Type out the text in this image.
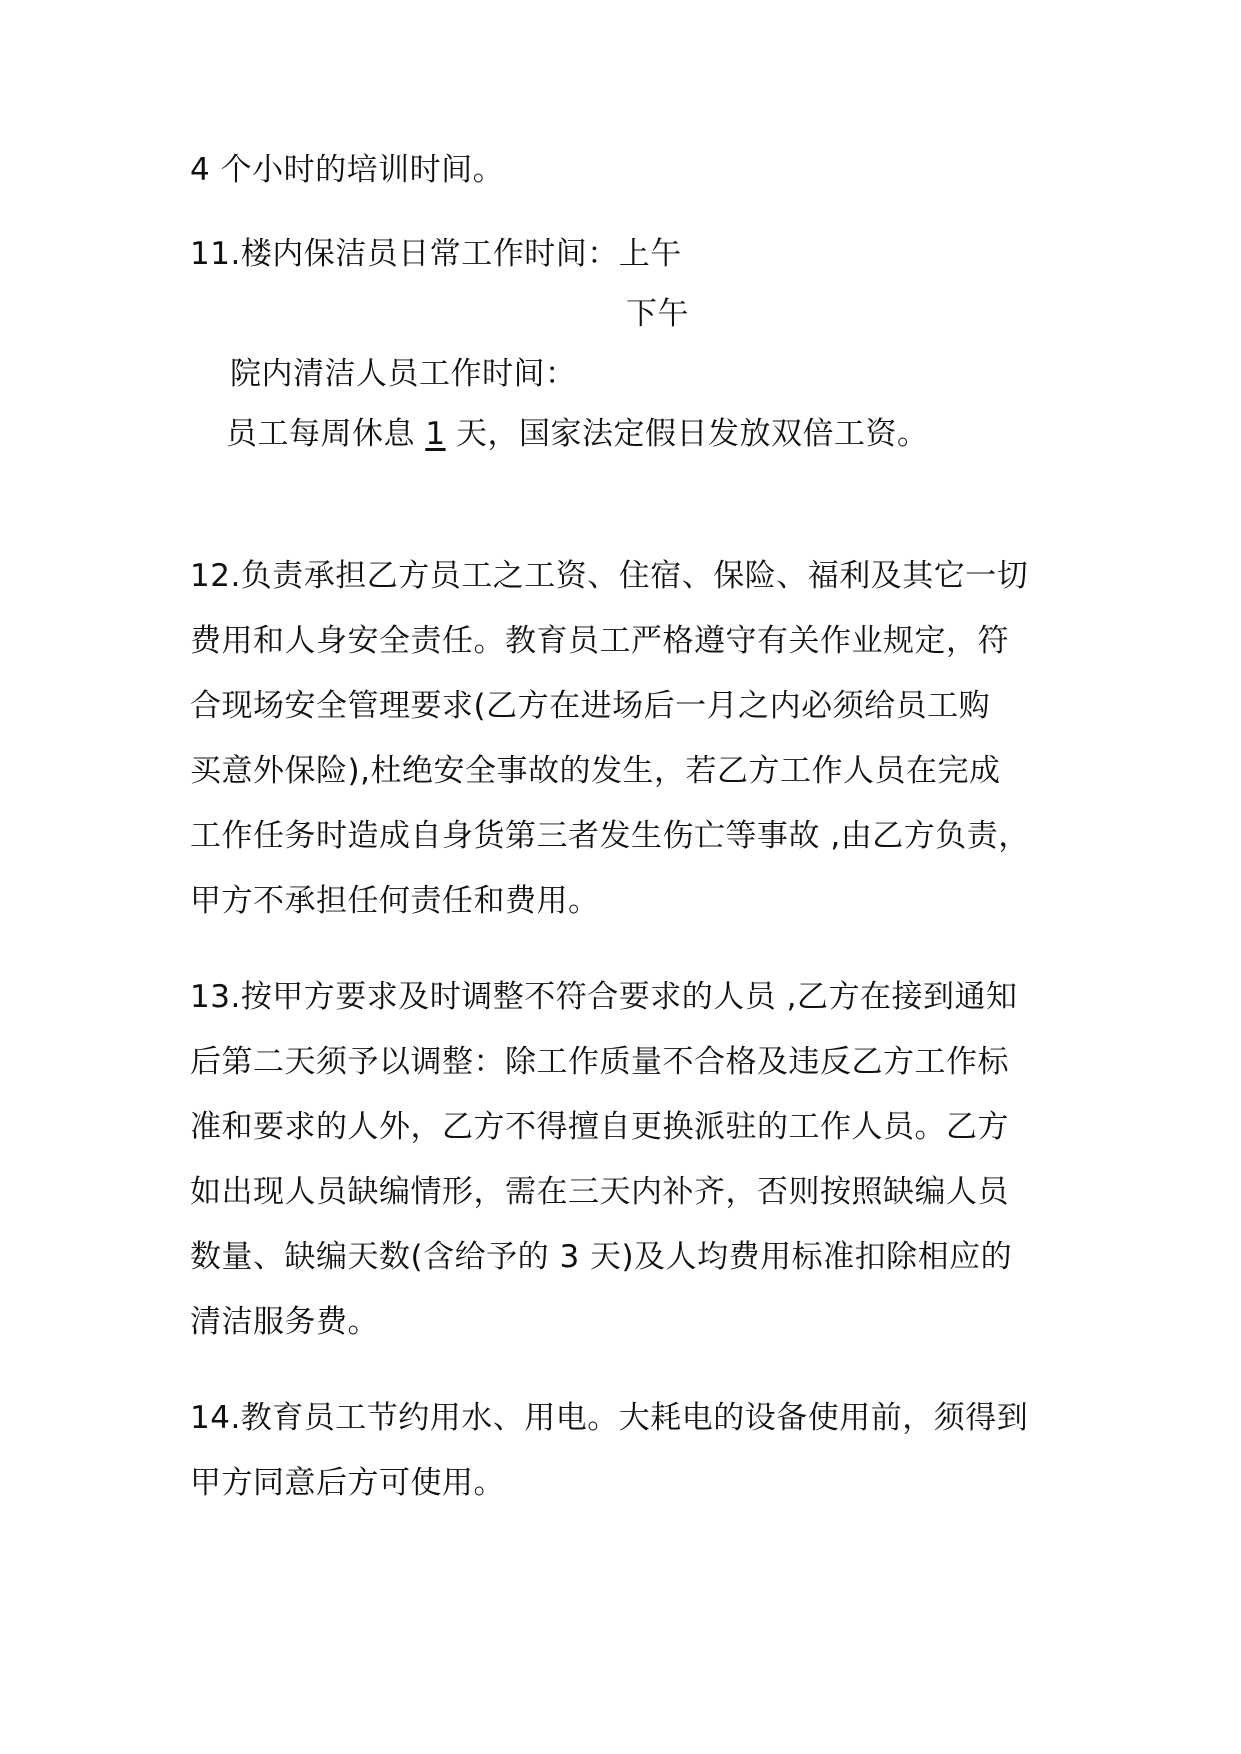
4 个小时的培训时间。
11.楼内保洁员日常工作时间：上午
下午
院内清洁人员工作时间：
员工每周休息 1 天，国家法定假日发放双倍工资。
12.负责承担乙方员工之工资、住宿、保险、福利及其它一切
费用和人身安全责任。教育员工严格遵守有关作业规定，符
合现场安全管理要求(乙方在进场后一月之内必须给员工购
买意外保险),杜绝安全事故的发生，若乙方工作人员在完成
工作任务时造成自身货第三者发生伤亡等事故 ,由乙方负责，
甲方不承担任何责任和费用。
13.按甲方要求及时调整不符合要求的人员 ,乙方在接到通知
后第二天须予以调整：除工作质量不合格及违反乙方工作标
准和要求的人外，乙方不得擅自更换派驻的工作人员。乙方
如出现人员缺编情形，需在三天内补齐，否则按照缺编人员
数量、缺编天数(含给予的 3 天)及人均费用标准扣除相应的
清洁服务费。
14.教育员工节约用水、用电。大耗电的设备使用前，须得到
甲方同意后方可使用。
